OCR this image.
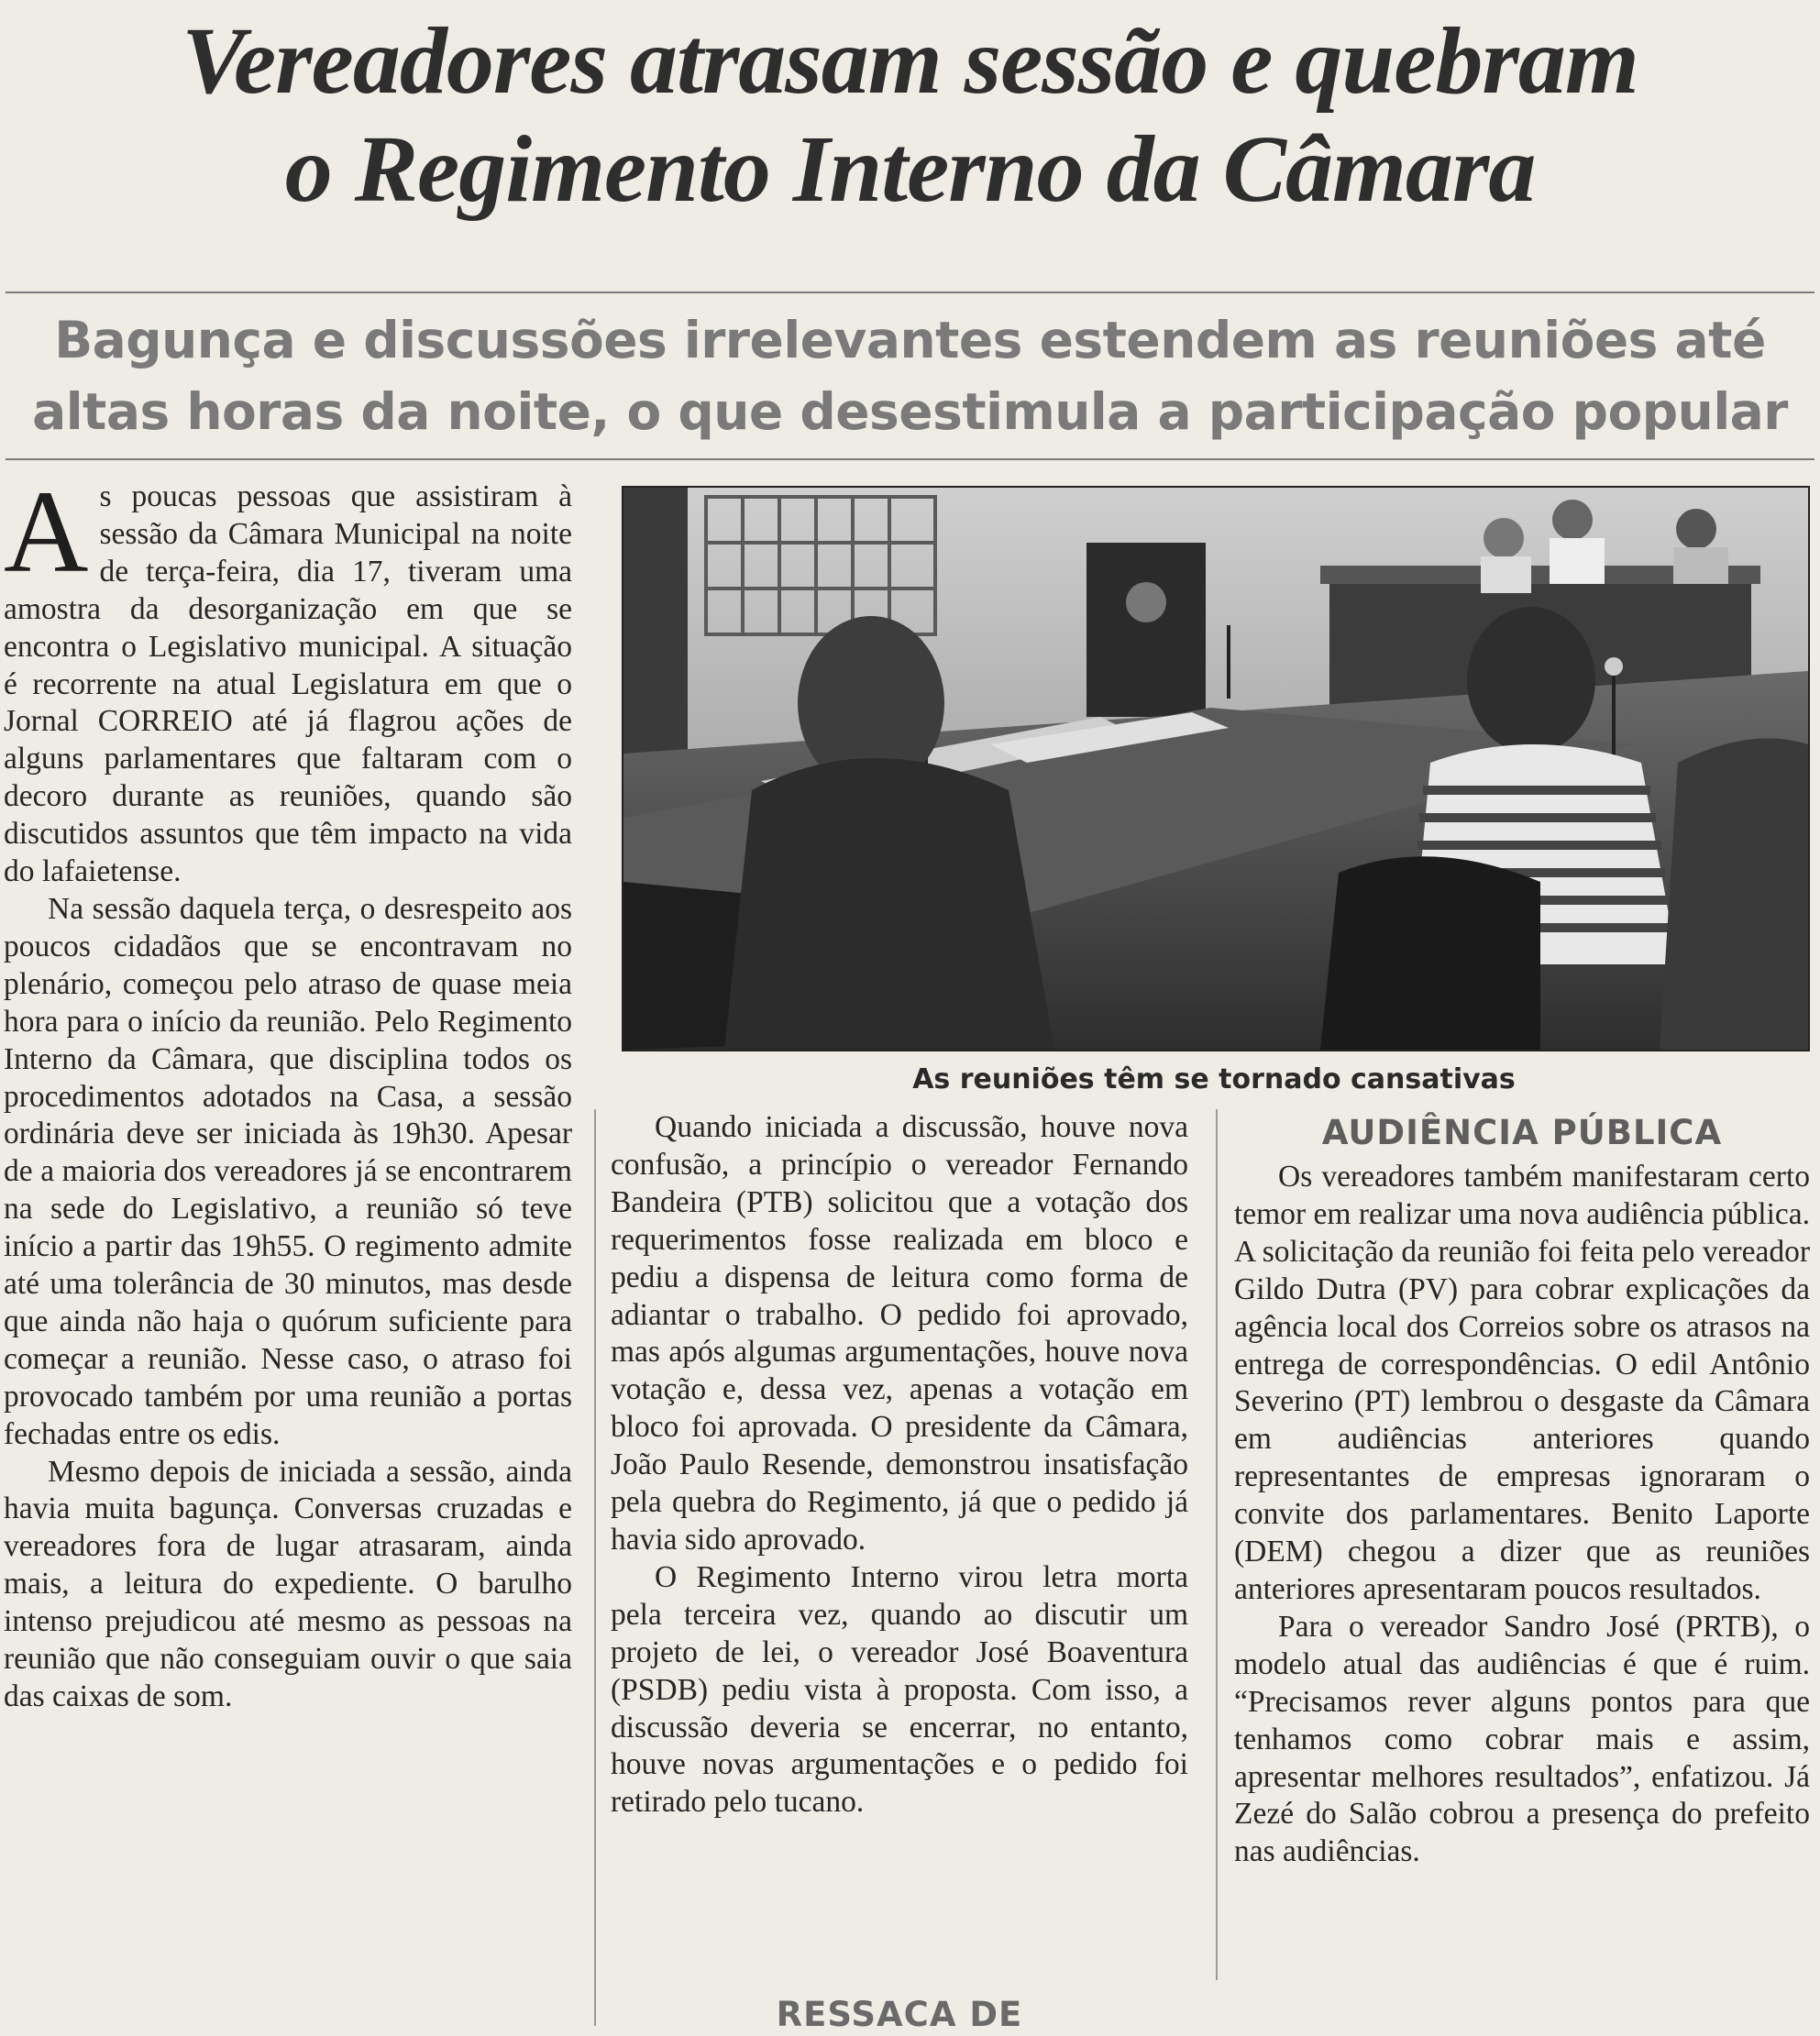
Vereadores atrasam sessão e quebram
o Regimento Interno da Câmara
Bagunça e discussões irrelevantes estendem as reuniões até
altas horas da noite, o que desestimula a participação popular

As poucas pessoas que assistiram à sessão da Câmara Municipal na noite de terça-feira, dia 17, tiveram uma amostra da desorganização em que se encontra o Legislativo municipal. A situação é recorrente na atual Legislatura em que o Jornal CORREIO até já flagrou ações de alguns parlamentares que faltaram com o decoro durante as reuniões, quando são discutidos assuntos que têm impacto na vida do lafaietense.

Na sessão daquela terça, o desrespeito aos poucos cidadãos que se encontravam no plenário, começou pelo atraso de quase meia hora para o início da reunião. Pelo Regimento Interno da Câmara, que disciplina todos os procedimentos adotados na Casa, a sessão ordinária deve ser iniciada às 19h30. Apesar de a maioria dos vereadores já se encontrarem na sede do Legislativo, a reunião só teve início a partir das 19h55. O regimento admite até uma tolerância de 30 minutos, mas desde que ainda não haja o quórum suficiente para começar a reunião. Nesse caso, o atraso foi provocado também por uma reunião a portas fechadas entre os edis.

Mesmo depois de iniciada a sessão, ainda havia muita bagunça. Conversas cruzadas e vereadores fora de lugar atrasaram, ainda mais, a leitura do expediente. O barulho intenso prejudicou até mesmo as pessoas na reunião que não conseguiam ouvir o que saia das caixas de som.

As reuniões têm se tornado cansativas

Quando iniciada a discussão, houve nova confusão, a princípio o vereador Fernando Bandeira (PTB) solicitou que a votação dos requerimentos fosse realizada em bloco e pediu a dispensa de leitura como forma de adiantar o trabalho. O pedido foi aprovado, mas após algumas argumentações, houve nova votação e, dessa vez, apenas a votação em bloco foi aprovada. O presidente da Câmara, João Paulo Resende, demonstrou insatisfação pela quebra do Regimento, já que o pedido já havia sido aprovado.

O Regimento Interno virou letra morta pela terceira vez, quando ao discutir um projeto de lei, o vereador José Boaventura (PSDB) pediu vista à proposta. Com isso, a discussão deveria se encerrar, no entanto, houve novas argumentações e o pedido foi retirado pelo tucano.

RESSACA DE
AUDIÊNCIA PÚBLICA

Os vereadores também manifestaram certo temor em realizar uma nova audiência pública. A solicitação da reunião foi feita pelo vereador Gildo Dutra (PV) para cobrar explicações da agência local dos Correios sobre os atrasos na entrega de correspondências. O edil Antônio Severino (PT) lembrou o desgaste da Câmara em audiências anteriores quando representantes de empresas ignoraram o convite dos parlamentares. Benito Laporte (DEM) chegou a dizer que as reuniões anteriores apresentaram poucos resultados.

Para o vereador Sandro José (PRTB), o modelo atual das audiências é que é ruim. “Precisamos rever alguns pontos para que tenhamos como cobrar mais e assim, apresentar melhores resultados”, enfatizou. Já Zezé do Salão cobrou a presença do prefeito nas audiências.
